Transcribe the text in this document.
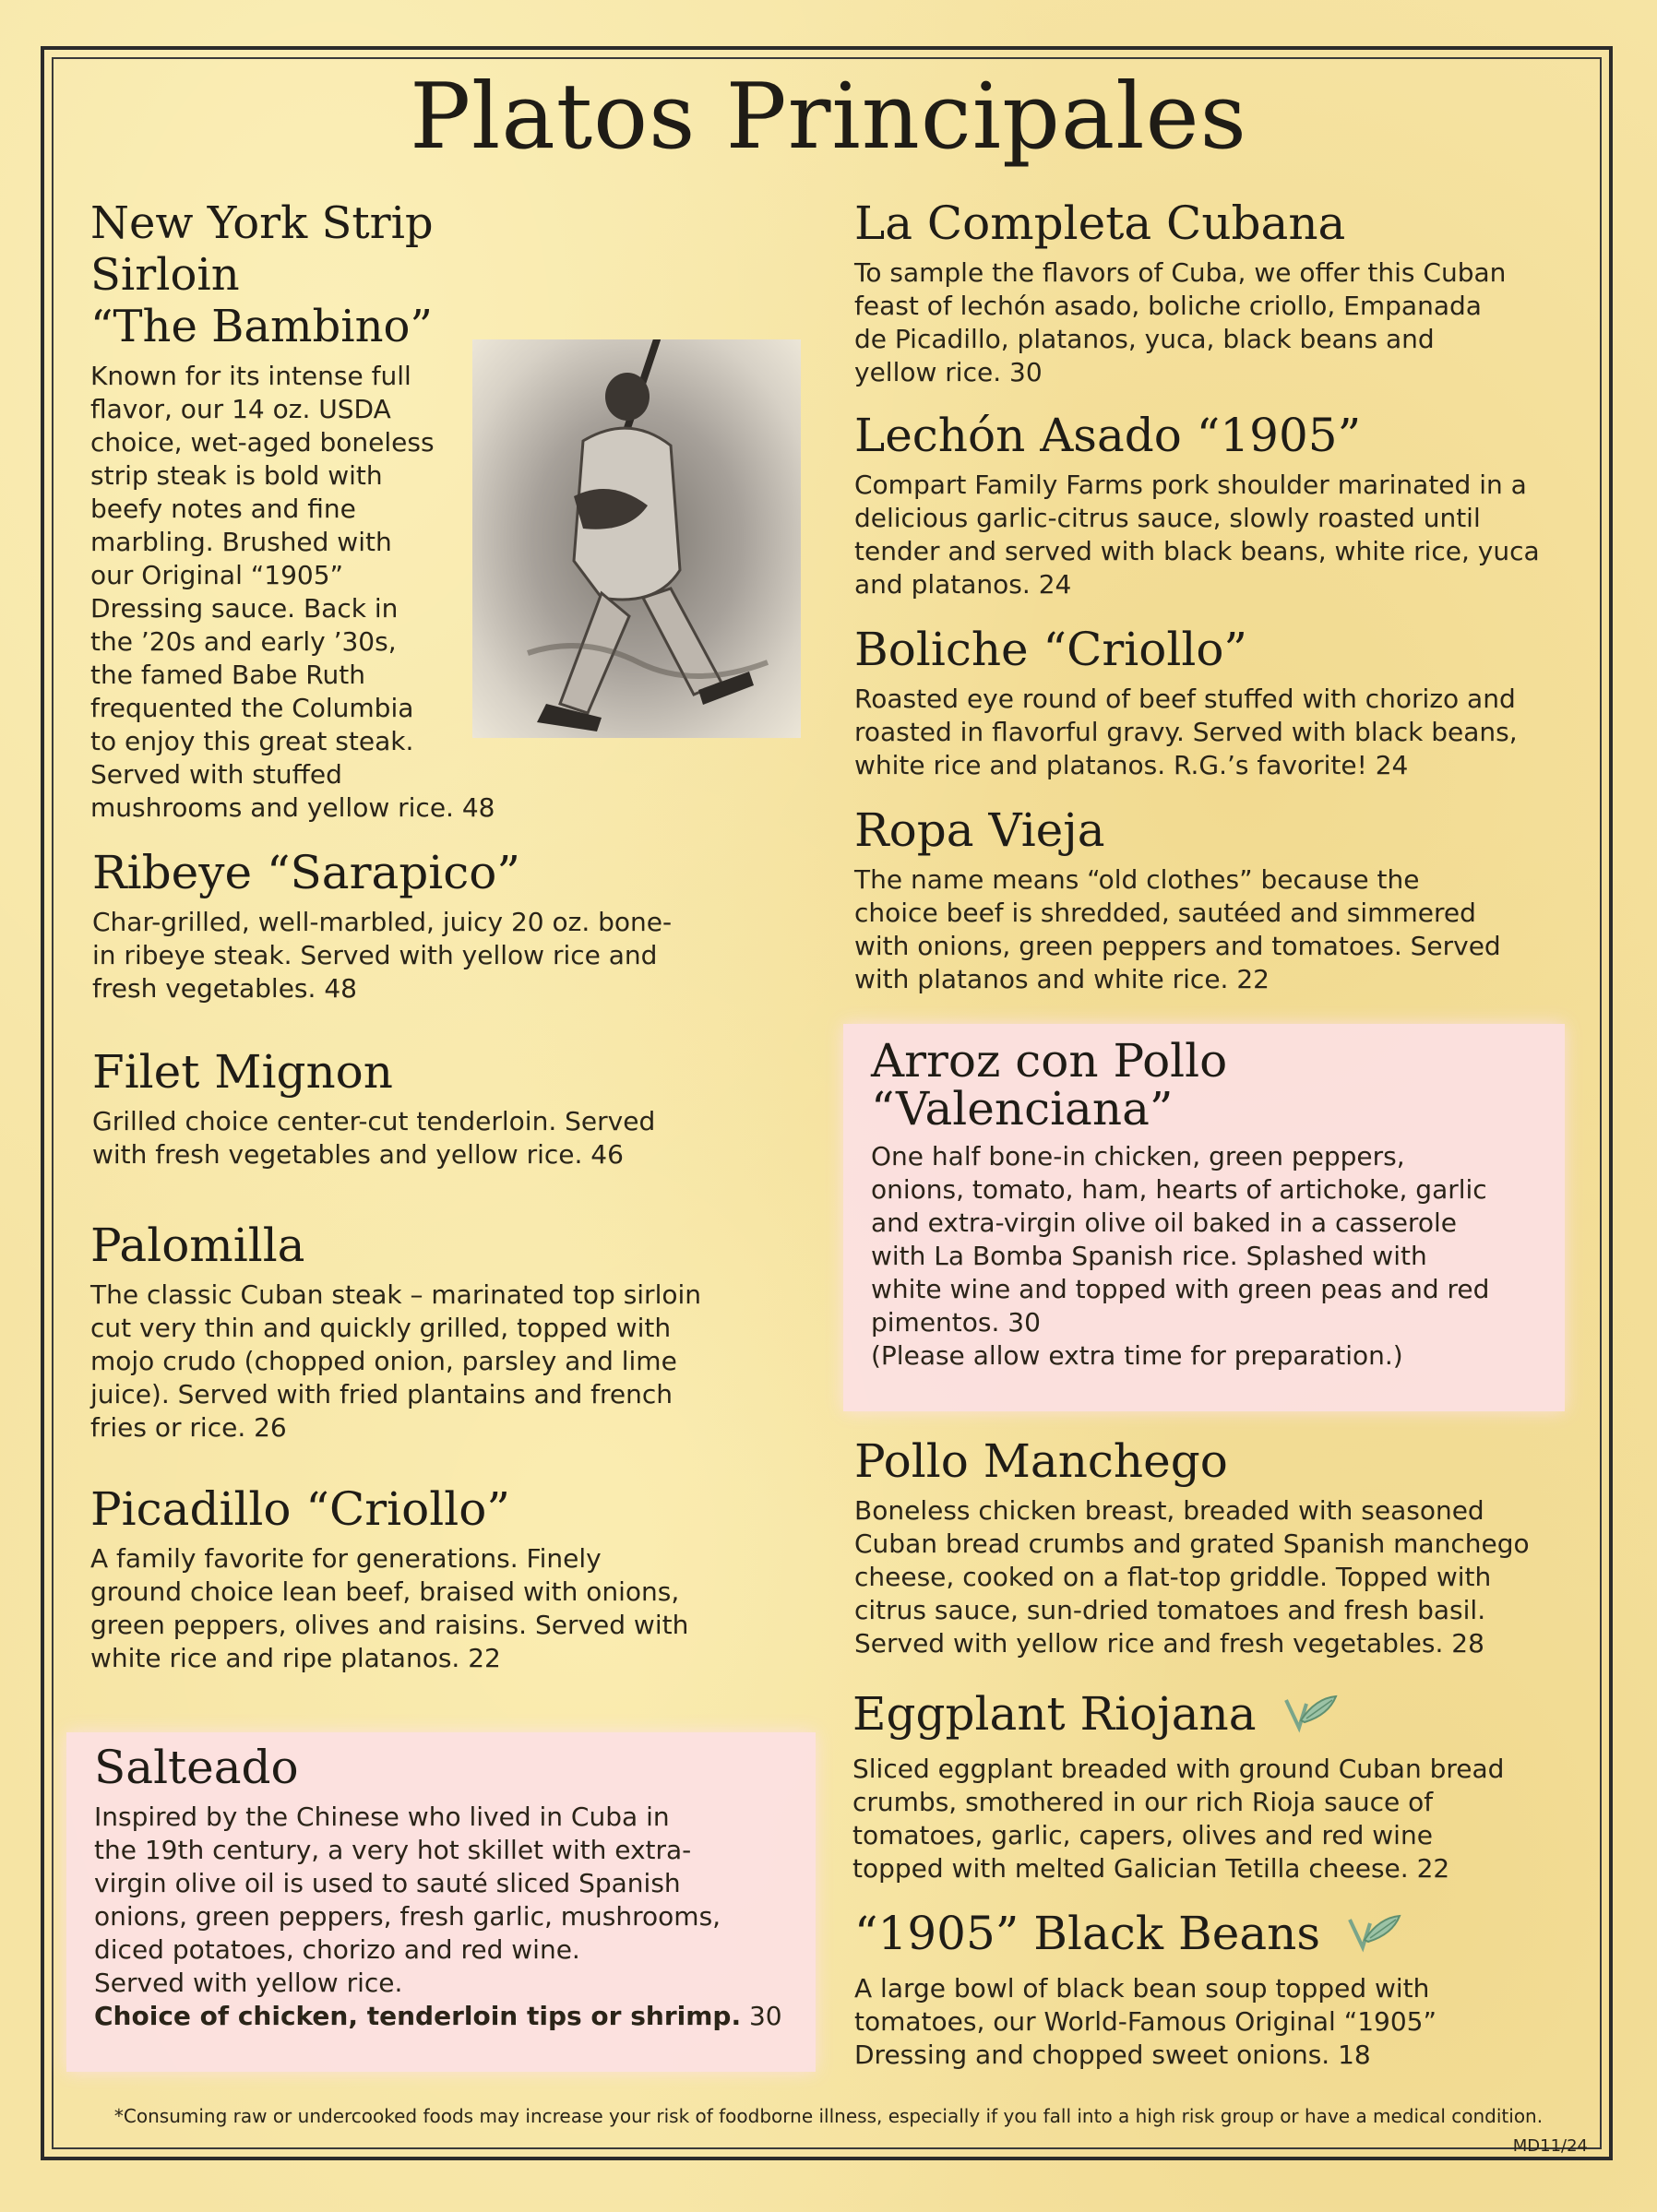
Platos Principales
New York Strip Sirloin
“The Bambino”

Known for its intense full
flavor, our 14 oz. USDA
choice, wet-aged boneless
strip steak is bold with
beefy notes and fine
marbling. Brushed with
our Original “1905”
Dressing sauce. Back in
the ’20s and early ’30s,
the famed Babe Ruth
frequented the Columbia
to enjoy this great steak.
Served with stuffed
mushrooms and yellow rice. 48

Ribeye “Sarapico”

Char-grilled, well-marbled, juicy 20 oz. bone-
in ribeye steak. Served with yellow rice and
fresh vegetables. 48

Filet Mignon

Grilled choice center-cut tenderloin. Served
with fresh vegetables and yellow rice. 46

Palomilla

The classic Cuban steak – marinated top sirloin
cut very thin and quickly grilled, topped with
mojo crudo (chopped onion, parsley and lime
juice). Served with fried plantains and french
fries or rice. 26

Picadillo “Criollo”

A family favorite for generations. Finely
ground choice lean beef, braised with onions,
green peppers, olives and raisins. Served with
white rice and ripe platanos. 22

Salteado

Inspired by the Chinese who lived in Cuba in
the 19th century, a very hot skillet with extra-
virgin olive oil is used to sauté sliced Spanish
onions, green peppers, fresh garlic, mushrooms,
diced potatoes, chorizo and red wine.
Served with yellow rice.
Choice of chicken, tenderloin tips or shrimp. 30

La Completa Cubana

To sample the flavors of Cuba, we offer this Cuban
feast of lechón asado, boliche criollo, Empanada
de Picadillo, platanos, yuca, black beans and
yellow rice. 30

Lechón Asado “1905”

Compart Family Farms pork shoulder marinated in a
delicious garlic-citrus sauce, slowly roasted until
tender and served with black beans, white rice, yuca
and platanos. 24

Boliche “Criollo”

Roasted eye round of beef stuffed with chorizo and
roasted in flavorful gravy. Served with black beans,
white rice and platanos. R.G.’s favorite! 24

Ropa Vieja

The name means “old clothes” because the
choice beef is shredded, sautéed and simmered
with onions, green peppers and tomatoes. Served
with platanos and white rice. 22

Arroz con Pollo
“Valenciana”

One half bone-in chicken, green peppers,
onions, tomato, ham, hearts of artichoke, garlic
and extra-virgin olive oil baked in a casserole
with La Bomba Spanish rice. Splashed with
white wine and topped with green peas and red
pimentos. 30
(Please allow extra time for preparation.)

Pollo Manchego

Boneless chicken breast, breaded with seasoned
Cuban bread crumbs and grated Spanish manchego
cheese, cooked on a flat-top griddle. Topped with
citrus sauce, sun-dried tomatoes and fresh basil.
Served with yellow rice and fresh vegetables. 28

Eggplant Riojana

Sliced eggplant breaded with ground Cuban bread
crumbs, smothered in our rich Rioja sauce of
tomatoes, garlic, capers, olives and red wine
topped with melted Galician Tetilla cheese. 22

“1905” Black Beans

A large bowl of black bean soup topped with
tomatoes, our World-Famous Original “1905”
Dressing and chopped sweet onions. 18

*Consuming raw or undercooked foods may increase your risk of foodborne illness, especially if you fall into a high risk group or have a medical condition.
MD11/24
